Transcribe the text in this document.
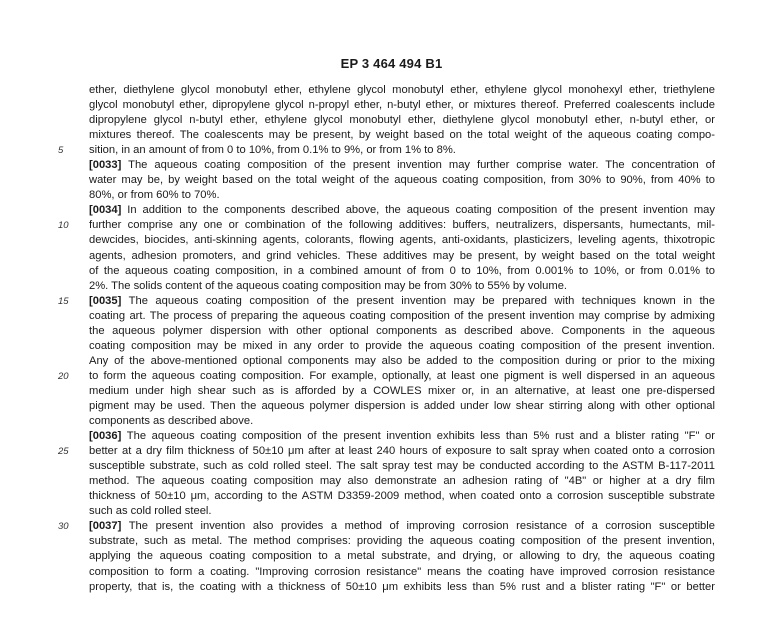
EP 3 464 494 B1
ether, diethylene glycol monobutyl ether, ethylene glycol monobutyl ether, ethylene glycol monohexyl ether, triethylene
glycol monobutyl ether, dipropylene glycol n-propyl ether, n-butyl ether, or mixtures thereof. Preferred coalescents include
dipropylene glycol n-butyl ether, ethylene glycol monobutyl ether, diethylene glycol monobutyl ether, n-butyl ether, or
mixtures thereof. The coalescents may be present, by weight based on the total weight of the aqueous coating compo-
sition, in an amount of from 0 to 10%, from 0.1% to 9%, or from 1% to 8%.
[0033] The aqueous coating composition of the present invention may further comprise water. The concentration of
water may be, by weight based on the total weight of the aqueous coating composition, from 30% to 90%, from 40% to
80%, or from 60% to 70%.
[0034] In addition to the components described above, the aqueous coating composition of the present invention may
further comprise any one or combination of the following additives: buffers, neutralizers, dispersants, humectants, mil-
dewcides, biocides, anti-skinning agents, colorants, flowing agents, anti-oxidants, plasticizers, leveling agents, thixotropic
agents, adhesion promoters, and grind vehicles. These additives may be present, by weight based on the total weight
of the aqueous coating composition, in a combined amount of from 0 to 10%, from 0.001% to 10%, or from 0.01% to
2%. The solids content of the aqueous coating composition may be from 30% to 55% by volume.
[0035] The aqueous coating composition of the present invention may be prepared with techniques known in the
coating art. The process of preparing the aqueous coating composition of the present invention may comprise by admixing
the aqueous polymer dispersion with other optional components as described above. Components in the aqueous
coating composition may be mixed in any order to provide the aqueous coating composition of the present invention.
Any of the above-mentioned optional components may also be added to the composition during or prior to the mixing
to form the aqueous coating composition. For example, optionally, at least one pigment is well dispersed in an aqueous
medium under high shear such as is afforded by a COWLES mixer or, in an alternative, at least one pre-dispersed
pigment may be used. Then the aqueous polymer dispersion is added under low shear stirring along with other optional
components as described above.
[0036] The aqueous coating composition of the present invention exhibits less than 5% rust and a blister rating "F" or
better at a dry film thickness of 50±10 μm after at least 240 hours of exposure to salt spray when coated onto a corrosion
susceptible substrate, such as cold rolled steel. The salt spray test may be conducted according to the ASTM B-117-2011
method. The aqueous coating composition may also demonstrate an adhesion rating of "4B" or higher at a dry film
thickness of 50±10 μm, according to the ASTM D3359-2009 method, when coated onto a corrosion susceptible substrate
such as cold rolled steel.
[0037] The present invention also provides a method of improving corrosion resistance of a corrosion susceptible
substrate, such as metal. The method comprises: providing the aqueous coating composition of the present invention,
applying the aqueous coating composition to a metal substrate, and drying, or allowing to dry, the aqueous coating
composition to form a coating. "Improving corrosion resistance" means the coating have improved corrosion resistance
property, that is, the coating with a thickness of 50±10 μm exhibits less than 5% rust and a blister rating "F" or better
5
10
15
20
25
30
